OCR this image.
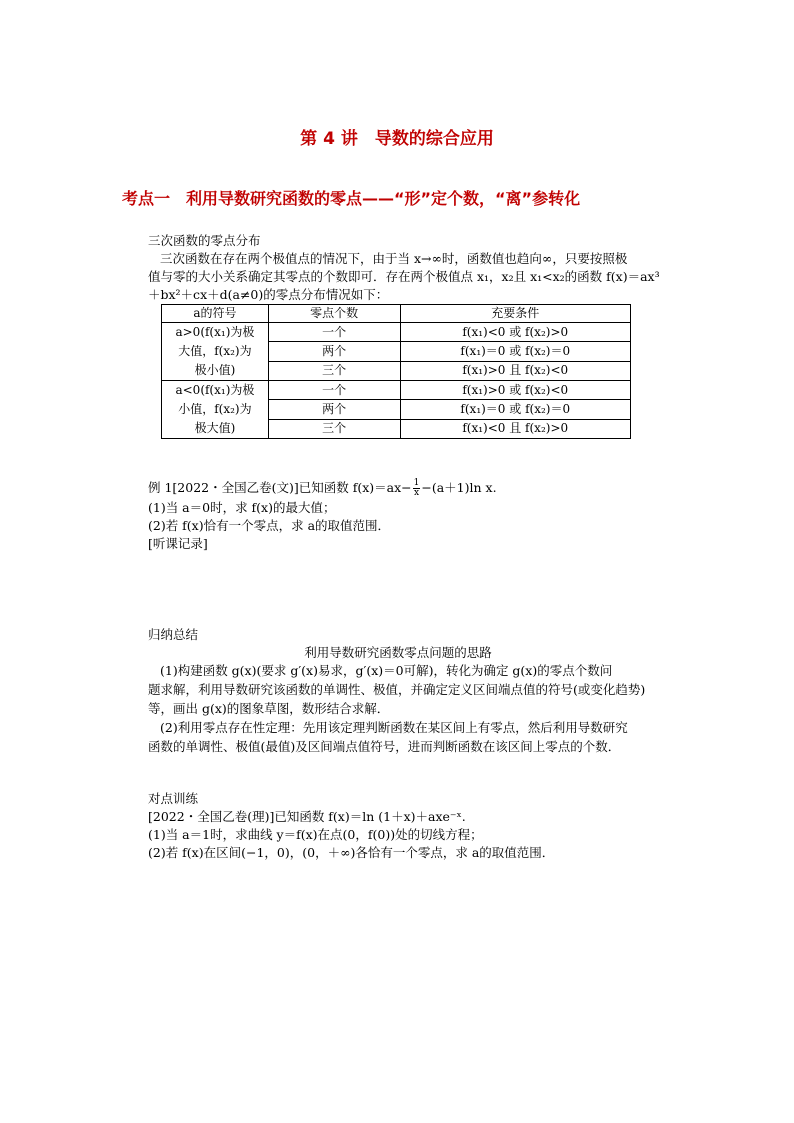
第 4 讲　导数的综合应用
考点一　利用导数研究函数的零点——“形”定个数，“离”参转化
三次函数的零点分布
三次函数在存在两个极值点的情况下，由于当 x→∞时，函数值也趋向∞，只要按照极
值与零的大小关系确定其零点的个数即可．存在两个极值点 x₁，x₂且 x₁<x₂的函数 f(x)＝ax³
＋bx²＋cx＋d(a≠0)的零点分布情况如下：
a的符号	零点个数	充要条件

a>0(f(x₁)为极
大值，f(x₂)为
极小值)	一个	f(x₁)<0 或 f(x₂)>0
	两个	f(x₁)＝0 或 f(x₂)＝0
	三个	f(x₁)>0 且 f(x₂)<0

a<0(f(x₁)为极
小值，f(x₂)为
极大值)	一个	f(x₁)>0 或 f(x₂)<0
	两个	f(x₁)＝0 或 f(x₂)＝0
	三个	f(x₁)<0 且 f(x₂)>0
例 1[2022・全国乙卷(文)]已知函数 $f(x)=ax- \frac{1}{x} -(a+1)\ln$ x.
(1)当 a＝0时，求 f(x)的最大值；
(2)若 f(x)恰有一个零点，求 a的取值范围．
[听课记录]
归纳总结
利用导数研究函数零点问题的思路
(1)构建函数 g(x)(要求 g′(x)易求，g′(x)＝0可解)，转化为确定 g(x)的零点个数问
题求解，利用导数研究该函数的单调性、极值，并确定定义区间端点值的符号(或变化趋势)
等，画出 g(x)的图象草图，数形结合求解．
(2)利用零点存在性定理：先用该定理判断函数在某区间上有零点，然后利用导数研究
函数的单调性、极值(最值)及区间端点值符号，进而判断函数在该区间上零点的个数．
对点训练
[2022・全国乙卷(理)]已知函数 f(x)＝ln (1＋x)＋axe⁻ˣ.
(1)当 a＝1时，求曲线 y＝f(x)在点(0，f(0))处的切线方程；
(2)若 f(x)在区间(−1，0)，(0，＋∞)各恰有一个零点，求 a的取值范围．
